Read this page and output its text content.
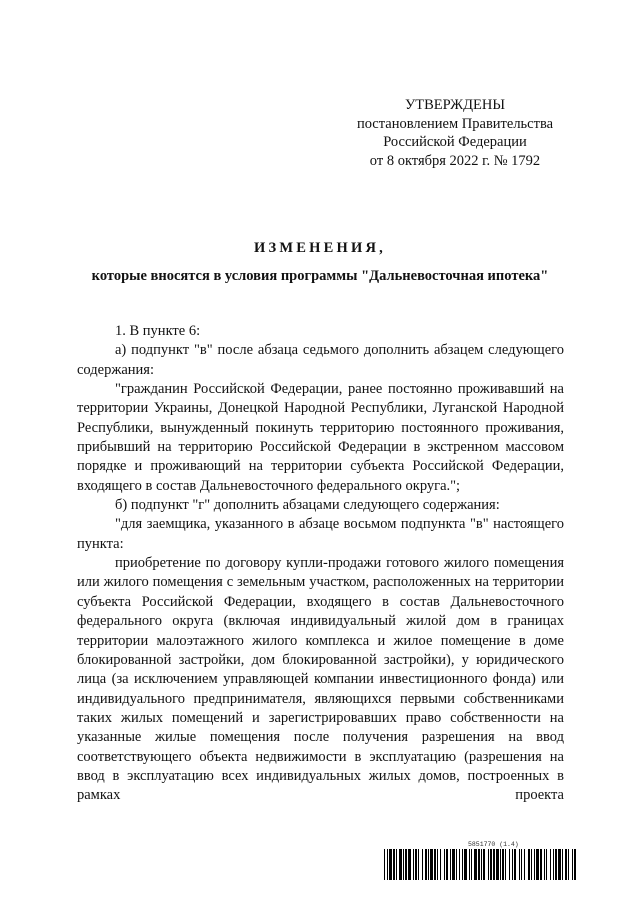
УТВЕРЖДЕНЫ
постановлением Правительства
Российской Федерации
от 8 октября 2022 г. № 1792
ИЗМЕНЕНИЯ,
которые вносятся в условия программы "Дальневосточная ипотека"
1. В пункте 6:
а) подпункт "в" после абзаца седьмого дополнить абзацем следующего содержания:
"гражданин Российской Федерации, ранее постоянно проживавший на территории Украины, Донецкой Народной Республики, Луганской Народной Республики, вынужденный покинуть территорию постоянного проживания, прибывший на территорию Российской Федерации в экстренном массовом порядке и проживающий на территории субъекта Российской Федерации, входящего в состав Дальневосточного федерального округа.";
б) подпункт "г" дополнить абзацами следующего содержания:
"для заемщика, указанного в абзаце восьмом подпункта "в" настоящего пункта:
приобретение по договору купли-продажи готового жилого помещения или жилого помещения с земельным участком, расположенных на территории субъекта Российской Федерации, входящего в состав Дальневосточного федерального округа (включая индивидуальный жилой дом в границах территории малоэтажного жилого комплекса и жилое помещение в доме блокированной застройки, дом блокированной застройки), у юридического лица (за исключением управляющей компании инвестиционного фонда) или индивидуального предпринимателя, являющихся первыми собственниками таких жилых помещений и зарегистрировавших право собственности на указанные жилые помещения после получения разрешения на ввод соответствующего объекта недвижимости в эксплуатацию (разрешения на ввод в эксплуатацию всех индивидуальных жилых домов, построенных в рамках проекта
5851770 (1.4)
